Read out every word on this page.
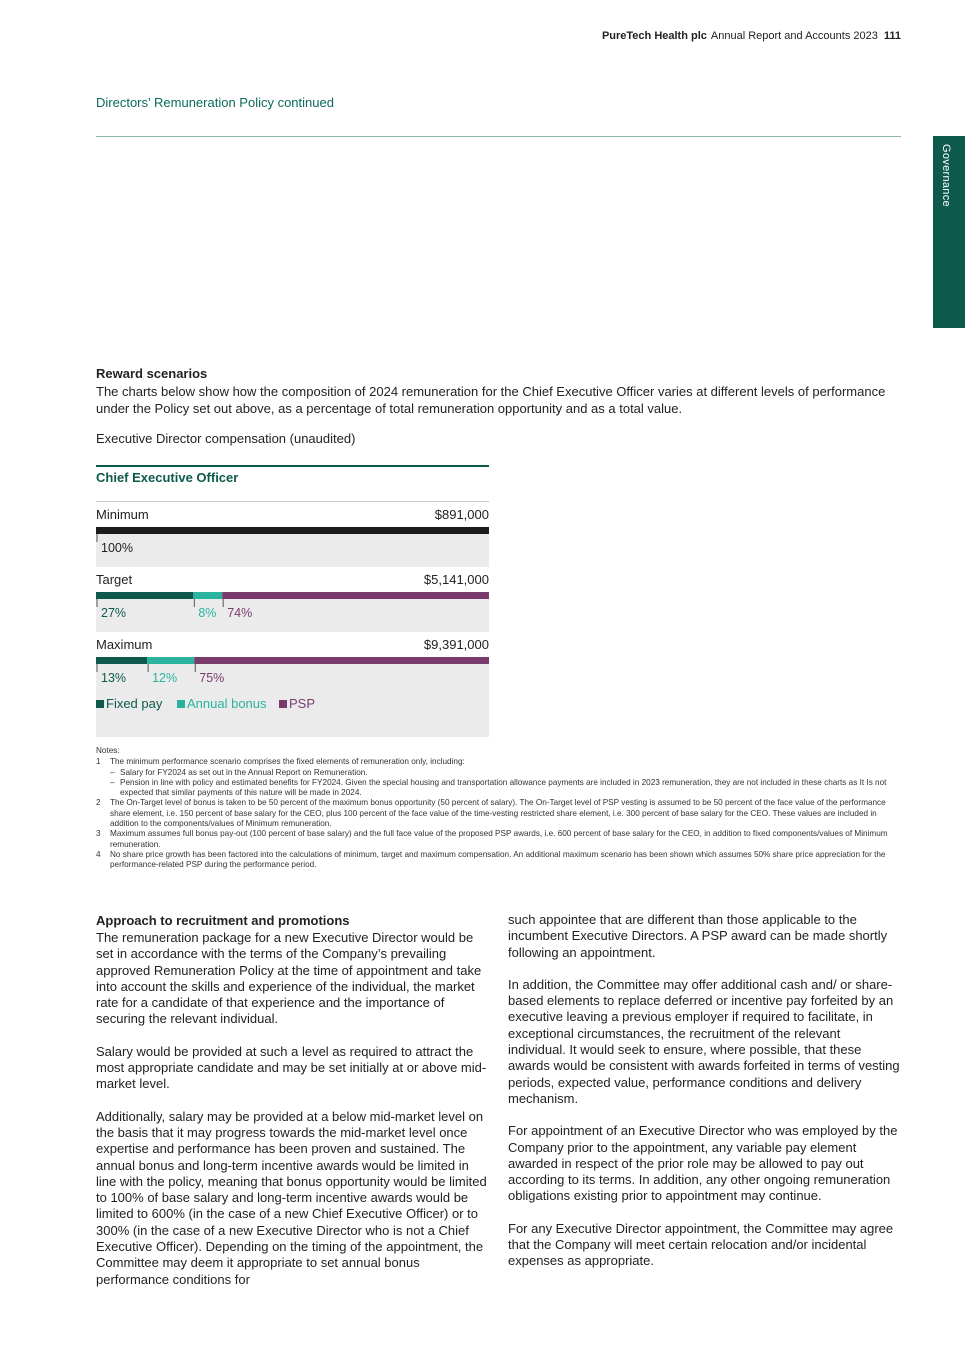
PureTech Health plc Annual Report and Accounts 2023 111
Directors’ Remuneration Policy continued
Governance
Reward scenarios
The charts below show how the composition of 2024 remuneration for the Chief Executive Officer varies at different levels of performance under the Policy set out above, as a percentage of total remuneration opportunity and as a total value.
Executive Director compensation (unaudited)
Chief Executive Officer
Minimum	$891,000
100%
Target	$5,141,000
27%	8% 74%
Maximum	$9,391,000
13% 12% 75%
Fixed pay Annual bonus PSP
Notes:
1	The minimum performance scenario comprises the fixed elements of remuneration only, including:
– Salary for FY2024 as set out in the Annual Report on Remuneration.
– Pension in line with policy and estimated benefits for FY2024. Given the special housing and transportation allowance payments are included in 2023 remuneration, they are not included in these charts as It Is not expected that similar payments of this nature will be made in 2024.
2	The On-Target level of bonus is taken to be 50 percent of the maximum bonus opportunity (50 percent of salary). The On-Target level of PSP vesting is assumed to be 50 percent of the face value of the performance share element, i.e. 150 percent of base salary for the CEO, plus 100 percent of the face value of the time-vesting restricted share element, i.e. 300 percent of base salary for the CEO. These values are included in addition to the components/values of Minimum remuneration.
3	Maximum assumes full bonus pay-out (100 percent of base salary) and the full face value of the proposed PSP awards, i.e. 600 percent of base salary for the CEO, in addition to fixed components/values of Minimum remuneration.
4	No share price growth has been factored into the calculations of minimum, target and maximum compensation. An additional maximum scenario has been shown which assumes 50% share price appreciation for the performance-related PSP during the performance period.
Approach to recruitment and promotions

The remuneration package for a new Executive Director would be set in accordance with the terms of the Company’s prevailing approved Remuneration Policy at the time of appointment and take into account the skills and experience of the individual, the market rate for a candidate of that experience and the importance of securing the relevant individual.

Salary would be provided at such a level as required to attract the most appropriate candidate and may be set initially at or above mid-market level.

Additionally, salary may be provided at a below mid-market level on the basis that it may progress towards the mid-market level once expertise and performance has been proven and sustained. The annual bonus and long-term incentive awards would be limited in line with the policy, meaning that bonus opportunity would be limited to 100% of base salary and long-term incentive awards would be limited to 600% (in the case of a new Chief Executive Officer) or to 300% (in the case of a new Executive Director who is not a Chief Executive Officer). Depending on the timing of the appointment, the Committee may deem it appropriate to set annual bonus performance conditions for

such appointee that are different than those applicable to the incumbent Executive Directors. A PSP award can be made shortly following an appointment.

In addition, the Committee may offer additional cash and/ or share-based elements to replace deferred or incentive pay forfeited by an executive leaving a previous employer if required to facilitate, in exceptional circumstances, the recruitment of the relevant individual. It would seek to ensure, where possible, that these awards would be consistent with awards forfeited in terms of vesting periods, expected value, performance conditions and delivery mechanism.

For appointment of an Executive Director who was employed by the Company prior to the appointment, any variable pay element awarded in respect of the prior role may be allowed to pay out according to its terms. In addition, any other ongoing remuneration obligations existing prior to appointment may continue.

For any Executive Director appointment, the Committee may agree that the Company will meet certain relocation and/or incidental expenses as appropriate.
